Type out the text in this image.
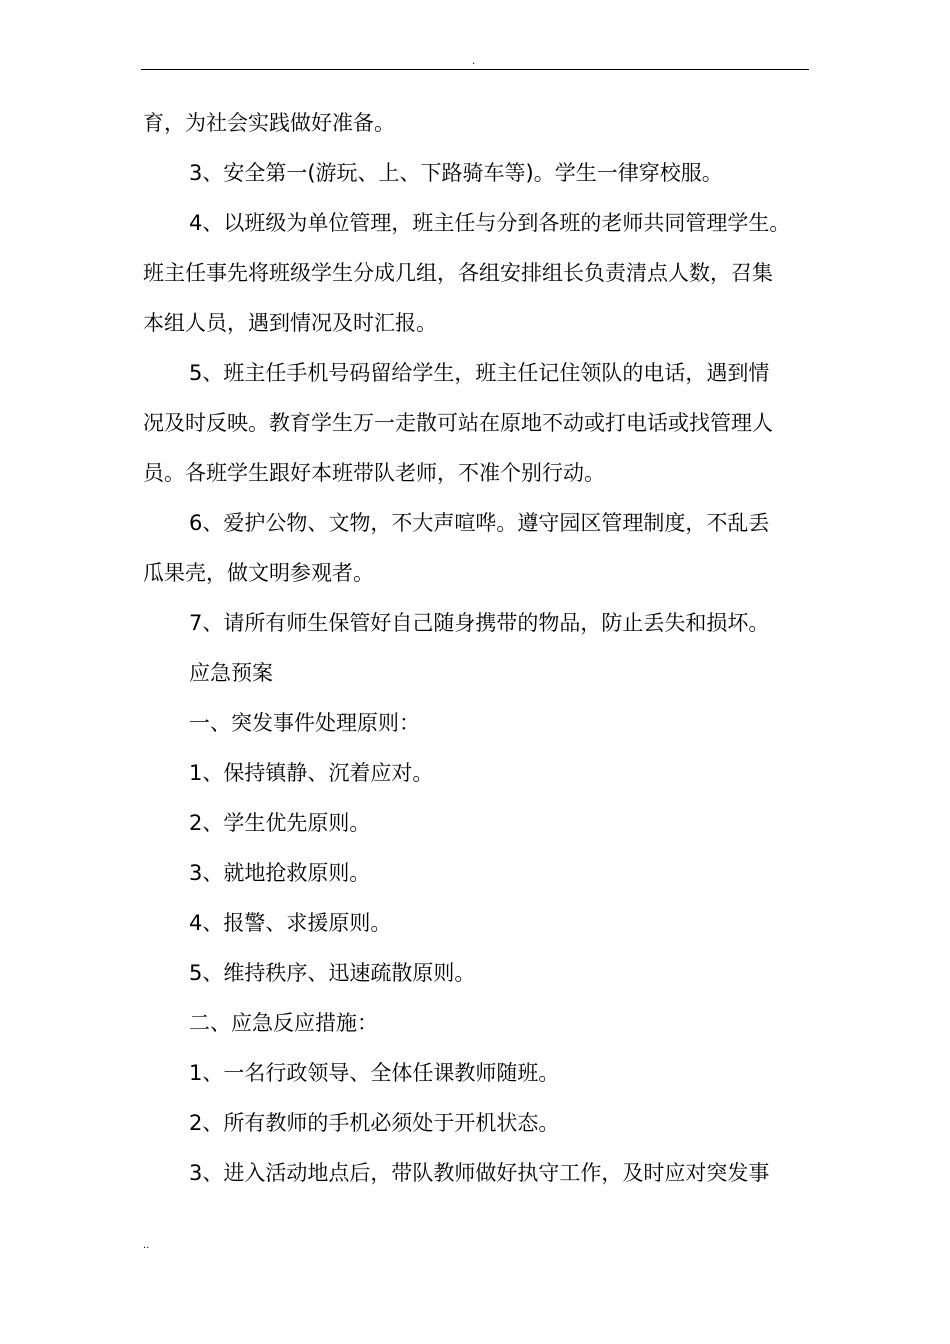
.
育，为社会实践做好准备。
3、安全第一(游玩、上、下路骑车等)。学生一律穿校服。
4、以班级为单位管理，班主任与分到各班的老师共同管理学生。
班主任事先将班级学生分成几组，各组安排组长负责清点人数，召集
本组人员，遇到情况及时汇报。
5、班主任手机号码留给学生，班主任记住领队的电话，遇到情
况及时反映。教育学生万一走散可站在原地不动或打电话或找管理人
员。各班学生跟好本班带队老师，不准个别行动。
6、爱护公物、文物，不大声喧哗。遵守园区管理制度，不乱丢
瓜果壳，做文明参观者。
7、请所有师生保管好自己随身携带的物品，防止丢失和损坏。
应急预案
一、突发事件处理原则：
1、保持镇静、沉着应对。
2、学生优先原则。
3、就地抢救原则。
4、报警、求援原则。
5、维持秩序、迅速疏散原则。
二、应急反应措施：
1、一名行政领导、全体任课教师随班。
2、所有教师的手机必须处于开机状态。
3、进入活动地点后，带队教师做好执守工作，及时应对突发事
..
